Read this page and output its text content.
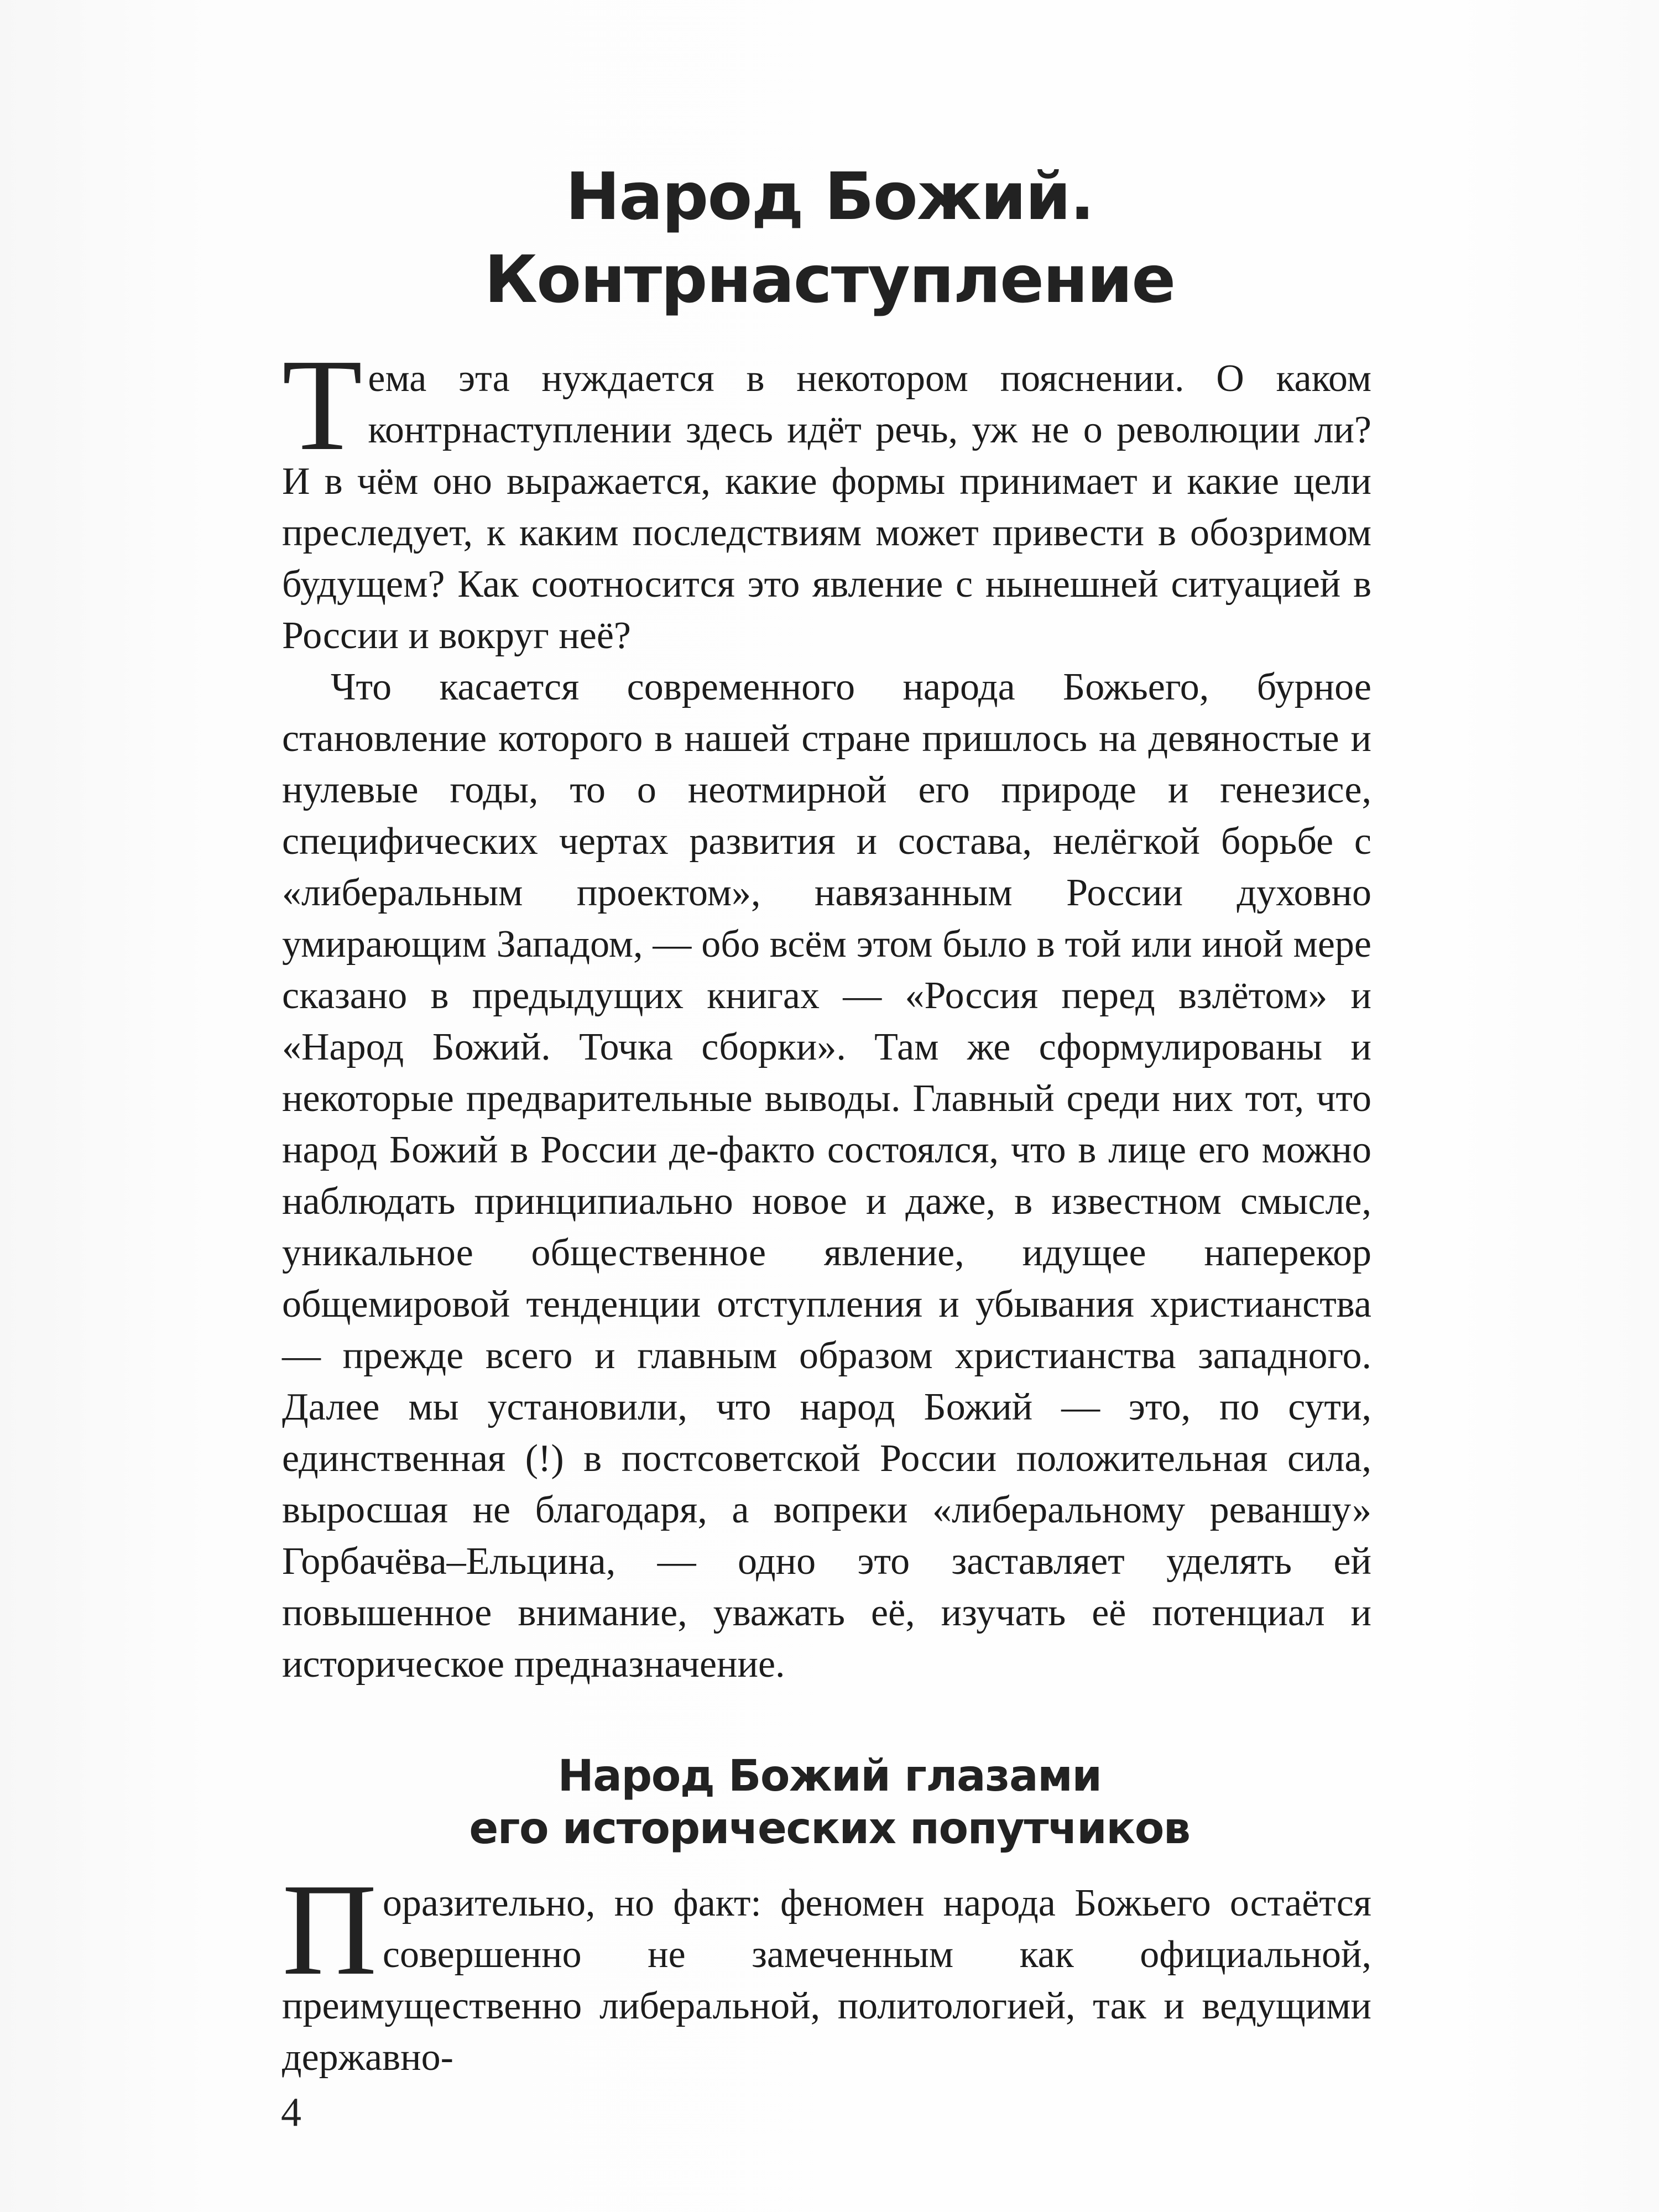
Народ Божий.
Контрнаступление

Тема эта нуждается в некотором пояснении. О каком контрнаступлении здесь идёт речь, уж не о революции ли? И в чём оно выражается, какие формы принимает и какие цели преследует, к каким последствиям может привести в обозримом будущем? Как соотносится это явление с нынешней ситуацией в России и вокруг неё?

Что касается современного народа Божьего, бурное становление которого в нашей стране пришлось на девяностые и нулевые годы, то о неотмирной его природе и генезисе, специфических чертах развития и состава, нелёгкой борьбе с «либеральным проектом», навязанным России духовно умирающим Западом, — обо всём этом было в той или иной мере сказано в предыдущих книгах — «Россия перед взлётом» и «Народ Божий. Точка сборки». Там же сформулированы и некоторые предварительные выводы. Главный среди них тот, что народ Божий в России де-факто состоялся, что в лице его можно наблюдать принципиально новое и даже, в известном смысле, уникальное общественное явление, идущее наперекор общемировой тенденции отступления и убывания христианства — прежде всего и главным образом христианства западного. Далее мы установили, что народ Божий — это, по сути, единственная (!) в постсоветской России положительная сила, выросшая не благодаря, а вопреки «либеральному реваншу» Горбачёва–Ельцина, — одно это заставляет уделять ей повышенное внимание, уважать её, изучать её потенциал и историческое предназначение.

Народ Божий глазами
его исторических попутчиков

Поразительно, но факт: феномен народа Божьего остаётся совершенно не замеченным как официальной, преимущественно либеральной, политологией, так и ведущими державно-

4
